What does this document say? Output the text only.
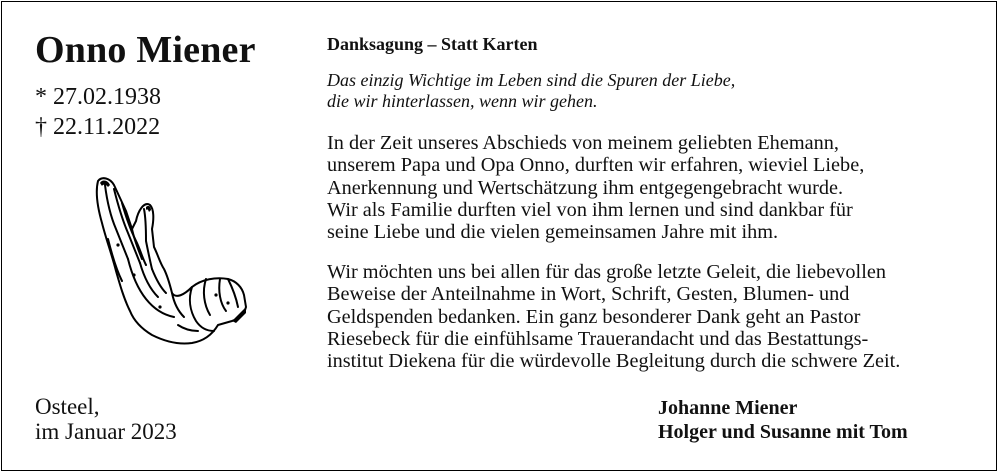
Onno Miener
* 27.02.1938
† 22.11.2022
Osteel,
im Januar 2023
Danksagung – Statt Karten
Das einzig Wichtige im Leben sind die Spuren der Liebe,
die wir hinterlassen, wenn wir gehen.
In der Zeit unseres Abschieds von meinem geliebten Ehemann,
unserem Papa und Opa Onno, durften wir erfahren, wieviel Liebe,
Anerkennung und Wertschätzung ihm entgegengebracht wurde.
Wir als Familie durften viel von ihm lernen und sind dankbar für
seine Liebe und die vielen gemeinsamen Jahre mit ihm.
Wir möchten uns bei allen für das große letzte Geleit, die liebevollen
Beweise der Anteilnahme in Wort, Schrift, Gesten, Blumen- und
Geldspenden bedanken. Ein ganz besonderer Dank geht an Pastor
Riesebeck für die einfühlsame Trauerandacht und das Bestattungs-
institut Diekena für die würdevolle Begleitung durch die schwere Zeit.
Johanne Miener
Holger und Susanne mit Tom
